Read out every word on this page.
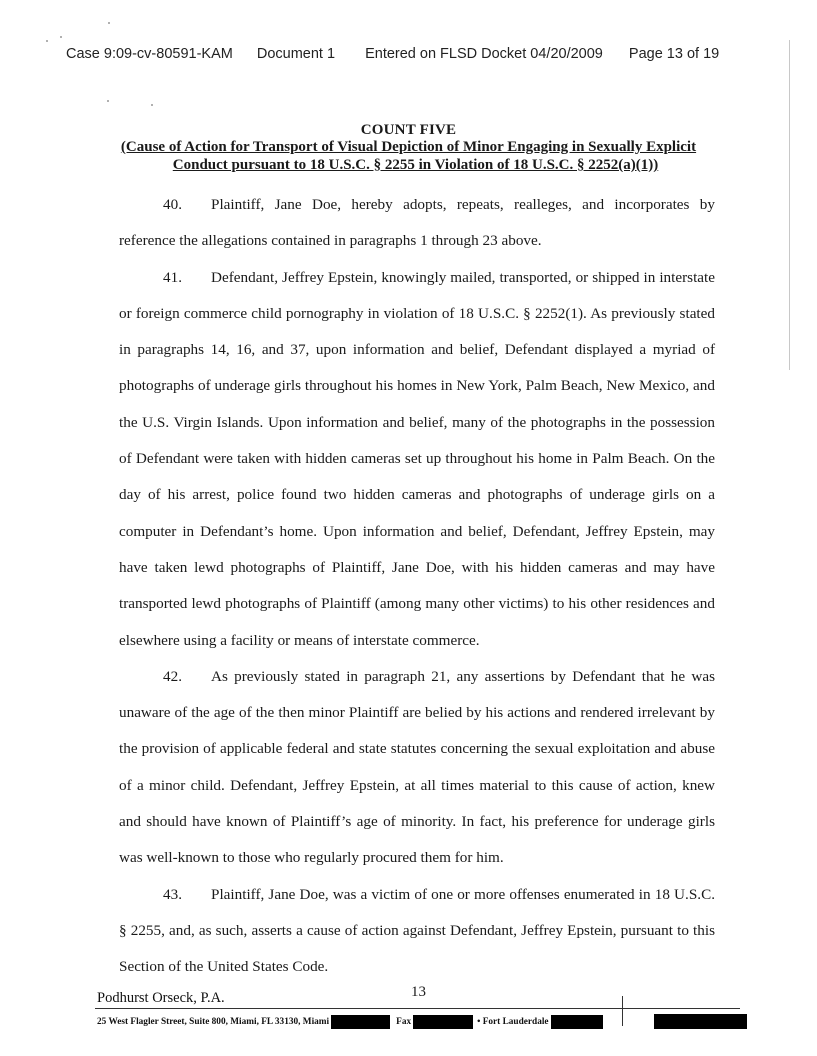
Case 9:09-cv-80591-KAM Document 1 Entered on FLSD Docket 04/20/2009 Page 13 of 19
COUNT FIVE
(Cause of Action for Transport of Visual Depiction of Minor Engaging in Sexually Explicit
Conduct pursuant to 18 U.S.C. § 2255 in Violation of 18 U.S.C. § 2252(a)(1))

40. Plaintiff, Jane Doe, hereby adopts, repeats, realleges, and incorporates by reference the allegations contained in paragraphs 1 through 23 above.

41. Defendant, Jeffrey Epstein, knowingly mailed, transported, or shipped in interstate or foreign commerce child pornography in violation of 18 U.S.C. § 2252(1). As previously stated in paragraphs 14, 16, and 37, upon information and belief, Defendant displayed a myriad of photographs of underage girls throughout his homes in New York, Palm Beach, New Mexico, and the U.S. Virgin Islands. Upon information and belief, many of the photographs in the possession of Defendant were taken with hidden cameras set up throughout his home in Palm Beach. On the day of his arrest, police found two hidden cameras and photographs of underage girls on a computer in Defendant’s home. Upon information and belief, Defendant, Jeffrey Epstein, may have taken lewd photographs of Plaintiff, Jane Doe, with his hidden cameras and may have transported lewd photographs of Plaintiff (among many other victims) to his other residences and elsewhere using a facility or means of interstate commerce.

42. As previously stated in paragraph 21, any assertions by Defendant that he was unaware of the age of the then minor Plaintiff are belied by his actions and rendered irrelevant by the provision of applicable federal and state statutes concerning the sexual exploitation and abuse of a minor child. Defendant, Jeffrey Epstein, at all times material to this cause of action, knew and should have known of Plaintiff’s age of minority. In fact, his preference for underage girls was well-known to those who regularly procured them for him.

43. Plaintiff, Jane Doe, was a victim of one or more offenses enumerated in 18 U.S.C. § 2255, and, as such, asserts a cause of action against Defendant, Jeffrey Epstein, pursuant to this Section of the United States Code.

13
Podhurst Orseck, P.A.
25 West Flagler Street, Suite 800, Miami, FL 33130, Miami	Fax	• Fort Lauderdale
